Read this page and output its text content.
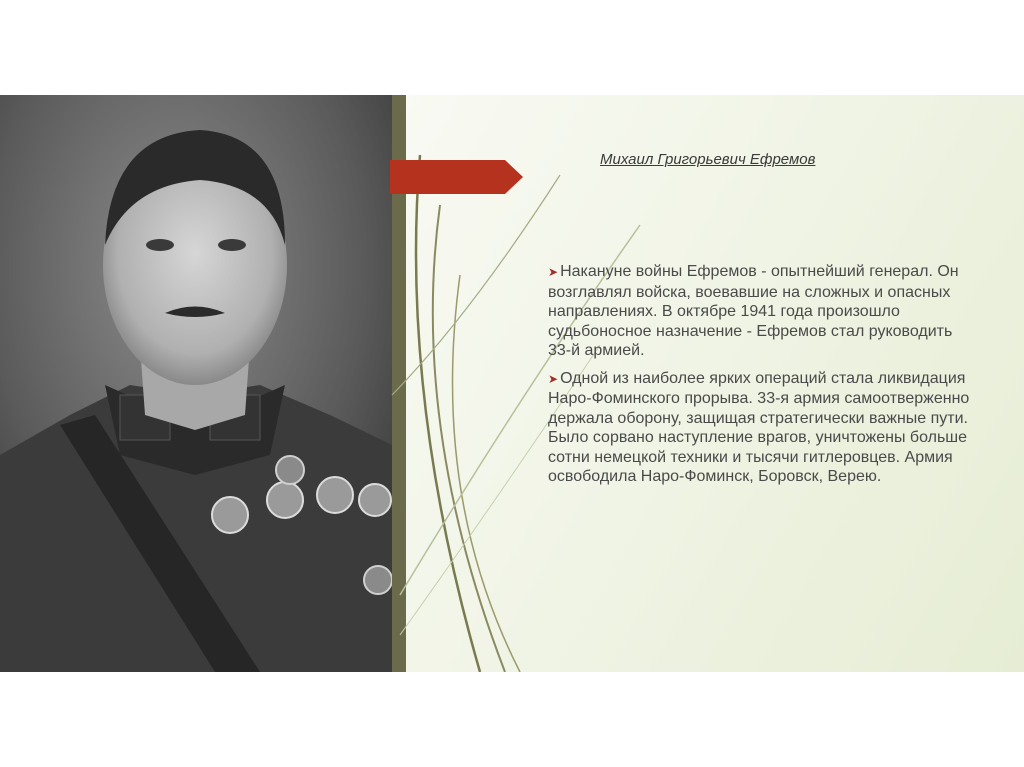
Михаил Григорьевич Ефремов

➤ Накануне войны Ефремов - опытнейший генерал. Он возглавлял войска, воевавшие на сложных и опасных направлениях. В октябре 1941 года произошло судьбоносное назначение - Ефремов стал руководить 33-й армией.

➤ Одной из наиболее ярких операций стала ликвидация Наро-Фоминского прорыва. 33-я армия самоотверженно держала оборону, защищая стратегически важные пути. Было сорвано наступление врагов, уничтожены больше сотни немецкой техники и тысячи гитлеровцев. Армия освободила Наро-Фоминск, Боровск, Верею.
